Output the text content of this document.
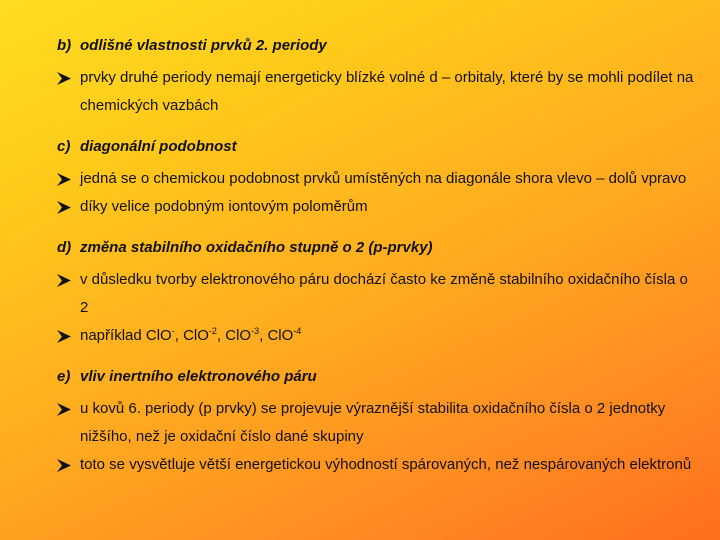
b) odlišné vlastnosti prvků 2. periody
prvky druhé periody nemají energeticky blízké volné d – orbitaly, které by se mohli podílet na chemických vazbách
c) diagonální podobnost
jedná se o chemickou podobnost prvků umístěných na diagonále shora vlevo – dolů vpravo
díky velice podobným iontovým poloměrům
d) změna stabilního oxidačního stupně o 2 (p-prvky)
v důsledku tvorby elektronového páru dochází často ke změně stabilního oxidačního čísla o 2
například ClO-, ClO$^{-2}$, ClO$^{-3}$, ClO$^{-4}$
e) vliv inertního elektronového páru
u kovů 6. periody (p prvky) se projevuje výraznější stabilita oxidačního čísla o 2 jednotky nižšího, než je oxidační číslo dané skupiny
toto se vysvětluje větší energetickou výhodností spárovaných, než nespárovaných elektronů
